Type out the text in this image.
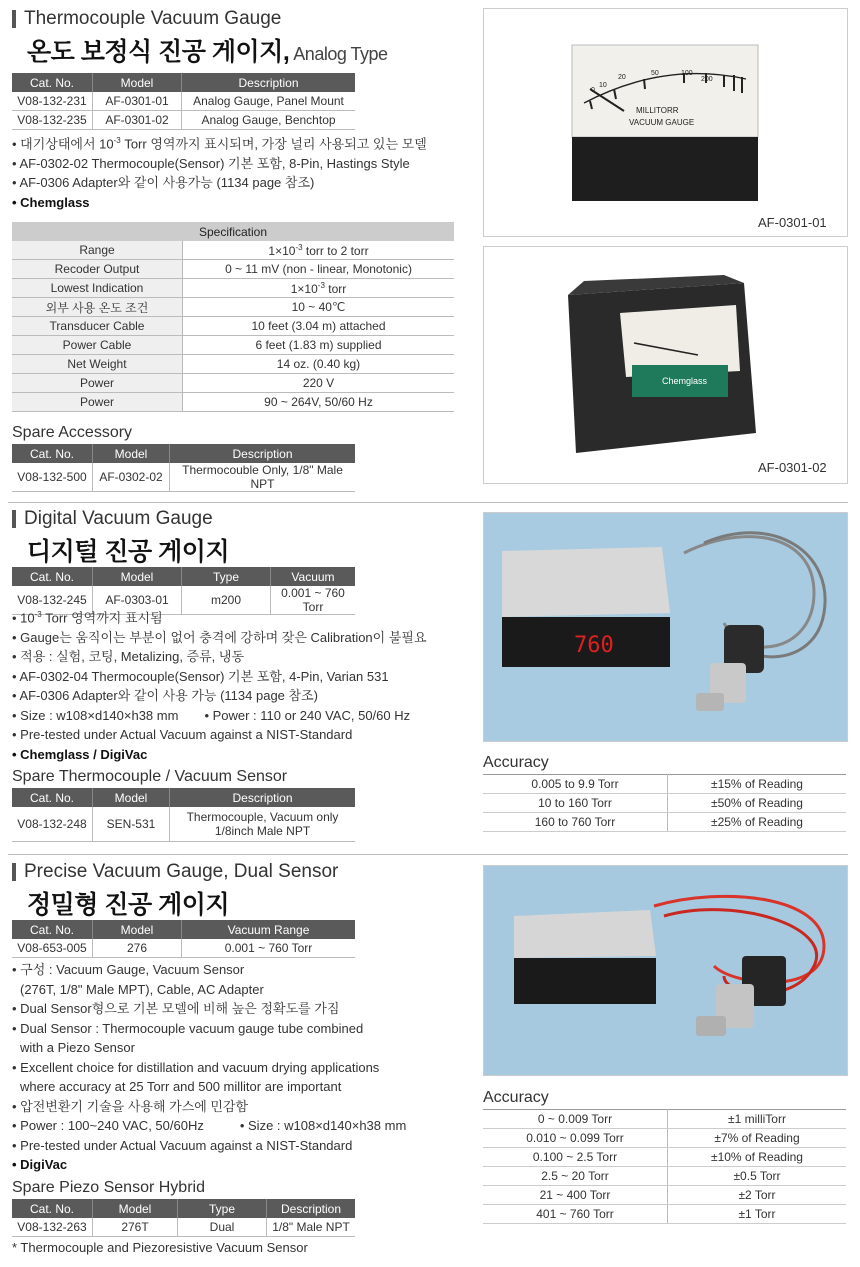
Thermocouple Vacuum Gauge
온도 보정식 진공 게이지, Analog Type
Cat. No.	Model	Description
V08-132-231	AF-0301-01	Analog Gauge, Panel Mount
V08-132-235	AF-0301-02	Analog Gauge, Benchtop
• 대기상태에서 $10^{-3}$ Torr 영역까지 표시되며, 가장 널리 사용되고 있는 모델
• AF-0302-02 Thermocouple(Sensor) 기본 포함, 8-Pin, Hastings Style
• AF-0306 Adapter와 같이 사용가능 (1134 page 참조)
• Chemglass
Specification	
Range	$1\times 10^{-3}$ torr to 2 torr
Recoder Output	0 ~ 11 mV (non - linear, Monotonic)
Lowest Indication	$1\times 10^{-3}$ torr
외부 사용 온도 조건	10 ~ 40℃
Transducer Cable	10 feet (3.04 m) attached
Power Cable	6 feet (1.83 m) supplied
Net Weight	14 oz. (0.40 kg)
Power	220 V
Power	90 ~ 264V, 50/60 Hz
Spare Accessory
Cat. No.	Model	Description
V08-132-500	AF-0302-02	Thermocouble Only, 1/8" Male NPT
0
10
20
50	100
200
MILLITORR
VACUUM GAUGE
AF-0301-01
Chemglass
AF-0301-02
Digital Vacuum Gauge
디지털 진공 게이지
Cat. No.	Model	Type	Vacuum
V08-132-245	AF-0303-01	m200	0.001 ~ 760 Torr
• $10^{-3}$ Torr 영역까지 표시됨
• Gauge는 움직이는 부분이 없어 충격에 강하며 잦은 Calibration이 불필요
• 적용 : 실험, 코팅, Metalizing, 증류, 냉동
• AF-0302-04 Thermocouple(Sensor) 기본 포함, 4-Pin, Varian 531
• AF-0306 Adapter와 같이 사용 가능 (1134 page 참조)
• Size : w108×d140×h38 mm • Power : 110 or 240 VAC, 50/60 Hz
• Pre-tested under Actual Vacuum against a NIST-Standard
• Chemglass / DigiVac
Spare Thermocouple / Vacuum Sensor
Cat. No.	Model	Description
V08-132-248	SEN-531	Thermocouple, Vacuum only
1/8inch Male NPT
760
Accuracy
0.005 to 9.9 Torr	±15% of Reading
10 to 160 Torr	±50% of Reading
160 to 760 Torr	±25% of Reading
Precise Vacuum Gauge, Dual Sensor
정밀형 진공 게이지
Cat. No.	Model	Vacuum Range
V08-653-005	276	0.001 ~ 760 Torr
• 구성 : Vacuum Gauge, Vacuum Sensor
(276T, 1/8" Male MPT), Cable, AC Adapter
• Dual Sensor형으로 기본 모델에 비해 높은 정확도를 가짐
• Dual Sensor : Thermocouple vacuum gauge tube combined
with a Piezo Sensor
• Excellent choice for distillation and vacuum drying applications
where accuracy at 25 Torr and 500 millitor are important
• 압전변환기 기술을 사용해 가스에 민감함
• Power : 100~240 VAC, 50/60Hz	• Size : w108×d140×h38 mm
• Pre-tested under Actual Vacuum against a NIST-Standard
• DigiVac
Spare Piezo Sensor Hybrid
Cat. No.	Model	Type	Description
V08-132-263	276T	Dual	1/8" Male NPT
* Thermocouple and Piezoresistive Vacuum Sensor
Accuracy
0 ~ 0.009 Torr	±1 milliTorr
0.010 ~ 0.099 Torr	±7% of Reading
0.100 ~ 2.5 Torr	±10% of Reading
2.5 ~ 20 Torr	±0.5 Torr
21 ~ 400 Torr	±2 Torr
401 ~ 760 Torr	±1 Torr
